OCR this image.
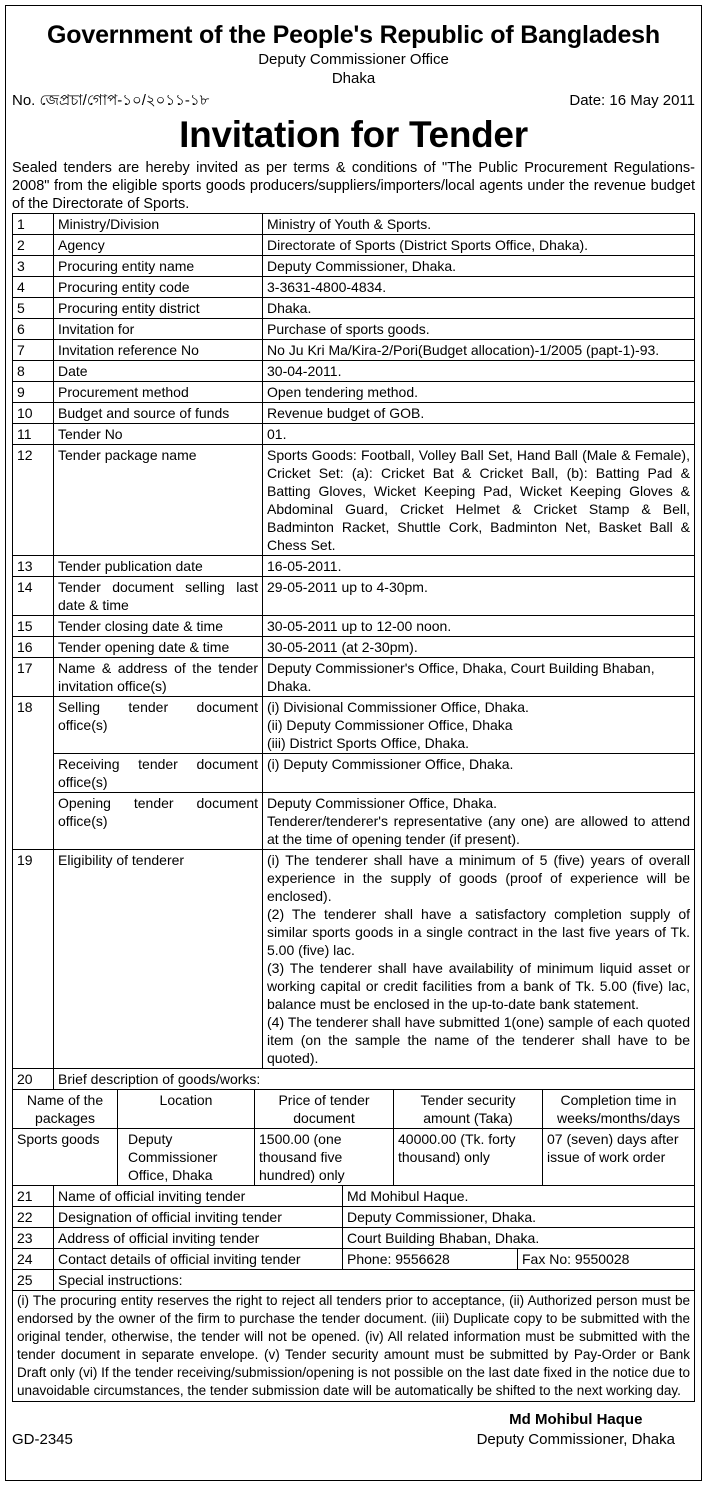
Government of the People's Republic of Bangladesh
Deputy Commissioner Office
Dhaka
No. জেপ্রচা/গোপ-১০/২০১১-১৮	Date: 16 May 2011
Invitation for Tender
Sealed tenders are hereby invited as per terms & conditions of "The Public Procurement Regulations-2008" from the eligible sports goods producers/suppliers/importers/local agents under the revenue budget of the Directorate of Sports.
1	Ministry/Division	Ministry of Youth & Sports.
2	Agency	Directorate of Sports (District Sports Office, Dhaka).
3	Procuring entity name	Deputy Commissioner, Dhaka.
4	Procuring entity code	3-3631-4800-4834.
5	Procuring entity district	Dhaka.
6	Invitation for	Purchase of sports goods.
7	Invitation reference No	No Ju Kri Ma/Kira-2/Pori(Budget allocation)-1/2005 (papt-1)-93.
8	Date	30-04-2011.
9	Procurement method	Open tendering method.
10	Budget and source of funds	Revenue budget of GOB.
11	Tender No	01.
12	Tender package name	Sports Goods: Football, Volley Ball Set, Hand Ball (Male & Female), Cricket Set: (a): Cricket Bat & Cricket Ball, (b): Batting Pad & Batting Gloves, Wicket Keeping Pad, Wicket Keeping Gloves & Abdominal Guard, Cricket Helmet & Cricket Stamp & Bell, Badminton Racket, Shuttle Cork, Badminton Net, Basket Ball & Chess Set.
13	Tender publication date	16-05-2011.
14	Tender document selling last date & time	29-05-2011 up to 4-30pm.
15	Tender closing date & time	30-05-2011 up to 12-00 noon.
16	Tender opening date & time	30-05-2011 (at 2-30pm).
17	Name & address of the tender invitation office(s)	Deputy Commissioner's Office, Dhaka, Court Building Bhaban, Dhaka.
18	Selling tender document office(s)	(i) Divisional Commissioner Office, Dhaka.
(ii) Deputy Commissioner Office, Dhaka
(iii) District Sports Office, Dhaka.

	Receiving tender document office(s)	(i) Deputy Commissioner Office, Dhaka.
	Opening tender document office(s)	Deputy Commissioner Office, Dhaka.
Tenderer/tenderer's representative (any one) are allowed to attend at the time of opening tender (if present).

19	Eligibility of tenderer	(i) The tenderer shall have a minimum of 5 (five) years of overall experience in the supply of goods (proof of experience will be enclosed).
(2) The tenderer shall have a satisfactory completion supply of similar sports goods in a single contract in the last five years of Tk. 5.00 (five) lac.
(3) The tenderer shall have availability of minimum liquid asset or working capital or credit facilities from a bank of Tk. 5.00 (five) lac, balance must be enclosed in the up-to-date bank statement.
(4) The tenderer shall have submitted 1(one) sample of each quoted item (on the sample the name of the tenderer shall have to be quoted).

20	Brief description of goods/works:	
Name of the packages	Location	Price of tender document	Tender security amount (Taka)	Completion time in weeks/months/days
Sports goods	Deputy Commissioner Office, Dhaka	1500.00 (one thousand five hundred) only	40000.00 (Tk. forty thousand) only	07 (seven) days after issue of work order
21	Name of official inviting tender	Md Mohibul Haque.	
22	Designation of official inviting tender	Deputy Commissioner, Dhaka.	
23	Address of official inviting tender	Court Building Bhaban, Dhaka.	
24	Contact details of official inviting tender	Phone: 9556628	Fax No: 9550028
25	Special instructions:		
(i) The procuring entity reserves the right to reject all tenders prior to acceptance, (ii) Authorized person must be endorsed by the owner of the firm to purchase the tender document. (iii) Duplicate copy to be submitted with the original tender, otherwise, the tender will not be opened. (iv) All related information must be submitted with the tender document in separate envelope. (v) Tender security amount must be submitted by Pay-Order or Bank Draft only (vi) If the tender receiving/submission/opening is not possible on the last date fixed in the notice due to unavoidable circumstances, the tender submission date will be automatically be shifted to the next working day.
GD-2345
Md Mohibul Haque
Deputy Commissioner, Dhaka
